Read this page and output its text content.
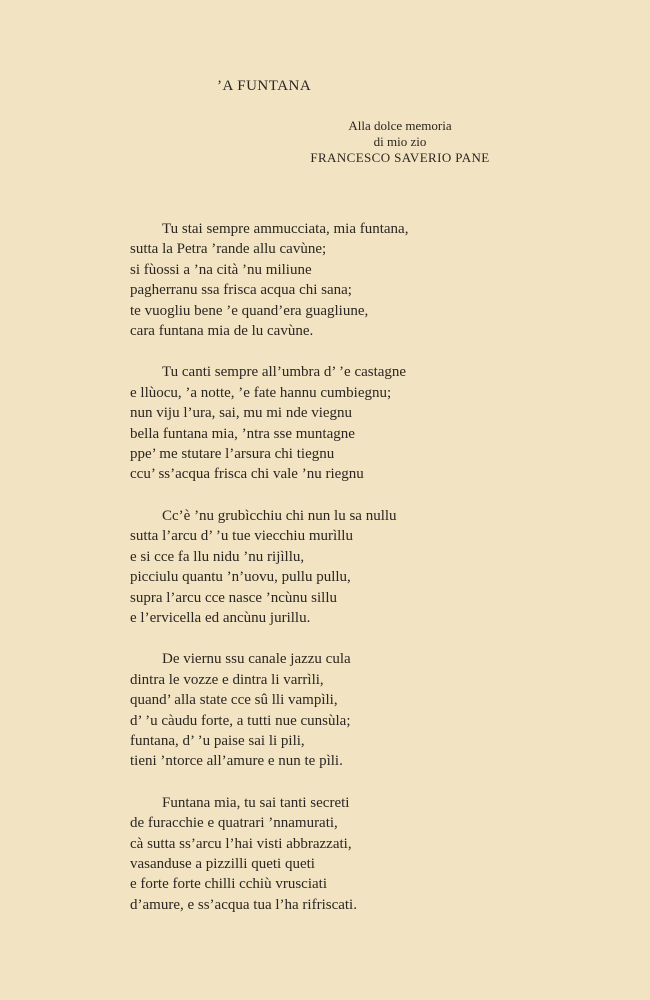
’A FUNTANA
Alla dolce memoria
di mio zio
FRANCESCO SAVERIO PANE
Tu stai sempre ammucciata, mia funtana,
sutta la Petra ’rande allu cavùne;
si fùossi a ’na cità ’nu miliune
pagherranu ssa frisca acqua chi sana;
te vuogliu bene ’e quand’era guagliune,
cara funtana mia de lu cavùne.
Tu canti sempre all’umbra d’ ’e castagne
e llùocu, ’a notte, ’e fate hannu cumbiegnu;
nun viju l’ura, sai, mu mi nde viegnu
bella funtana mia, ’ntra sse muntagne
ppe’ me stutare l’arsura chi tiegnu
ccu’ ss’acqua frisca chi vale ’nu riegnu
Cc’è ’nu grubìcchiu chi nun lu sa nullu
sutta l’arcu d’ ’u tue viecchiu murìllu
e si cce fa llu nidu ’nu rijìllu,
picciulu quantu ’n’uovu, pullu pullu,
supra l’arcu cce nasce ’ncùnu sillu
e l’ervicella ed ancùnu jurillu.
De viernu ssu canale jazzu cula
dintra le vozze e dintra li varrìli,
quand’ alla state cce sû lli vampìli,
d’ ’u càudu forte, a tutti nue cunsùla;
funtana, d’ ’u paise sai li pili,
tieni ’ntorce all’amure e nun te pìli.
Funtana mia, tu sai tanti secreti
de furacchie e quatrari ’nnamurati,
cà sutta ss’arcu l’hai visti abbrazzati,
vasanduse a pizzilli queti queti
e forte forte chilli cchiù vrusciati
d’amure, e ss’acqua tua l’ha rifriscati.
